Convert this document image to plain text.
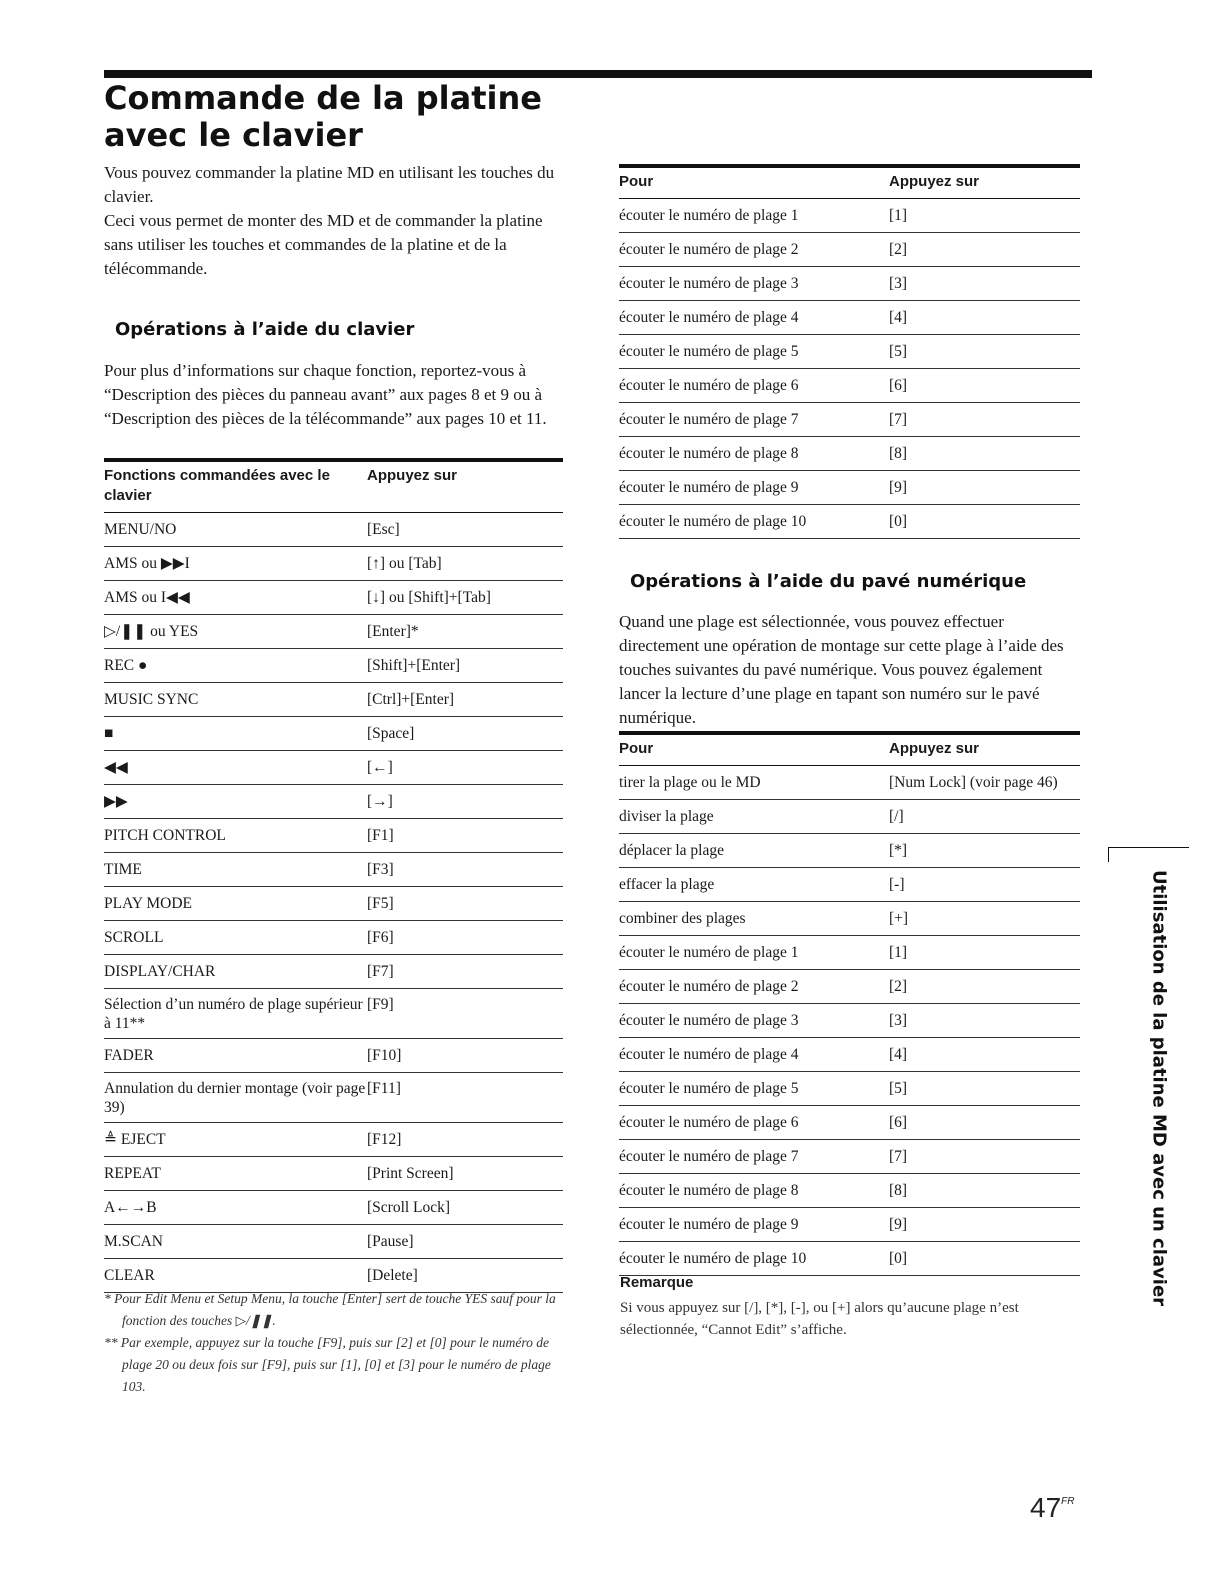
Commande de la platine avec le clavier

Vous pouvez commander la platine MD en utilisant les touches du clavier.

Ceci vous permet de monter des MD et de commander la platine sans utiliser les touches et commandes de la platine et de la télécommande.

Opérations à l’aide du clavier

Pour plus d’informations sur chaque fonction, reportez-vous à “Description des pièces du panneau avant” aux pages 8 et 9 ou à “Description des pièces de la télécommande” aux pages 10 et 11.

Fonctions commandées avec le clavier	Appuyez sur
MENU/NO	[Esc]
AMS ou ▶▶I	[↑] ou [Tab]
AMS ou I◀◀	[↓] ou [Shift]+[Tab]
▷/❚❚ ou YES	[Enter]*
REC ●	[Shift]+[Enter]
MUSIC SYNC	[Ctrl]+[Enter]
■	[Space]
◀◀	[←]
▶▶	[→]
PITCH CONTROL	[F1]
TIME	[F3]
PLAY MODE	[F5]
SCROLL	[F6]
DISPLAY/CHAR	[F7]
Sélection d’un numéro de plage supérieur à 11**	[F9]
FADER	[F10]
Annulation du dernier montage (voir page 39)	[F11]
≜ EJECT	[F12]
REPEAT	[Print Screen]
A←→B	[Scroll Lock]
M.SCAN	[Pause]
CLEAR	[Delete]

* Pour Edit Menu et Setup Menu, la touche [Enter] sert de touche YES sauf pour la fonction des touches ▷/❚❚.

** Par exemple, appuyez sur la touche [F9], puis sur [2] et [0] pour le numéro de plage 20 ou deux fois sur [F9], puis sur [1], [0] et [3] pour le numéro de plage 103.

Pour	Appuyez sur
écouter le numéro de plage 1	[1]
écouter le numéro de plage 2	[2]
écouter le numéro de plage 3	[3]
écouter le numéro de plage 4	[4]
écouter le numéro de plage 5	[5]
écouter le numéro de plage 6	[6]
écouter le numéro de plage 7	[7]
écouter le numéro de plage 8	[8]
écouter le numéro de plage 9	[9]
écouter le numéro de plage 10	[0]
Opérations à l’aide du pavé numérique

Quand une plage est sélectionnée, vous pouvez effectuer directement une opération de montage sur cette plage à l’aide des touches suivantes du pavé numérique. Vous pouvez également lancer la lecture d’une plage en tapant son numéro sur le pavé numérique.

Pour	Appuyez sur
tirer la plage ou le MD	[Num Lock] (voir page 46)
diviser la plage	[/]
déplacer la plage	[*]
effacer la plage	[-]
combiner des plages	[+]
écouter le numéro de plage 1	[1]
écouter le numéro de plage 2	[2]
écouter le numéro de plage 3	[3]
écouter le numéro de plage 4	[4]
écouter le numéro de plage 5	[5]
écouter le numéro de plage 6	[6]
écouter le numéro de plage 7	[7]
écouter le numéro de plage 8	[8]
écouter le numéro de plage 9	[9]
écouter le numéro de plage 10	[0]

Remarque

Si vous appuyez sur [/], [*], [-], ou [+] alors qu’aucune plage n’est sélectionnée, “Cannot Edit” s’affiche.

Utilisation de la platine MD avec un clavier
$47^{FR}$
